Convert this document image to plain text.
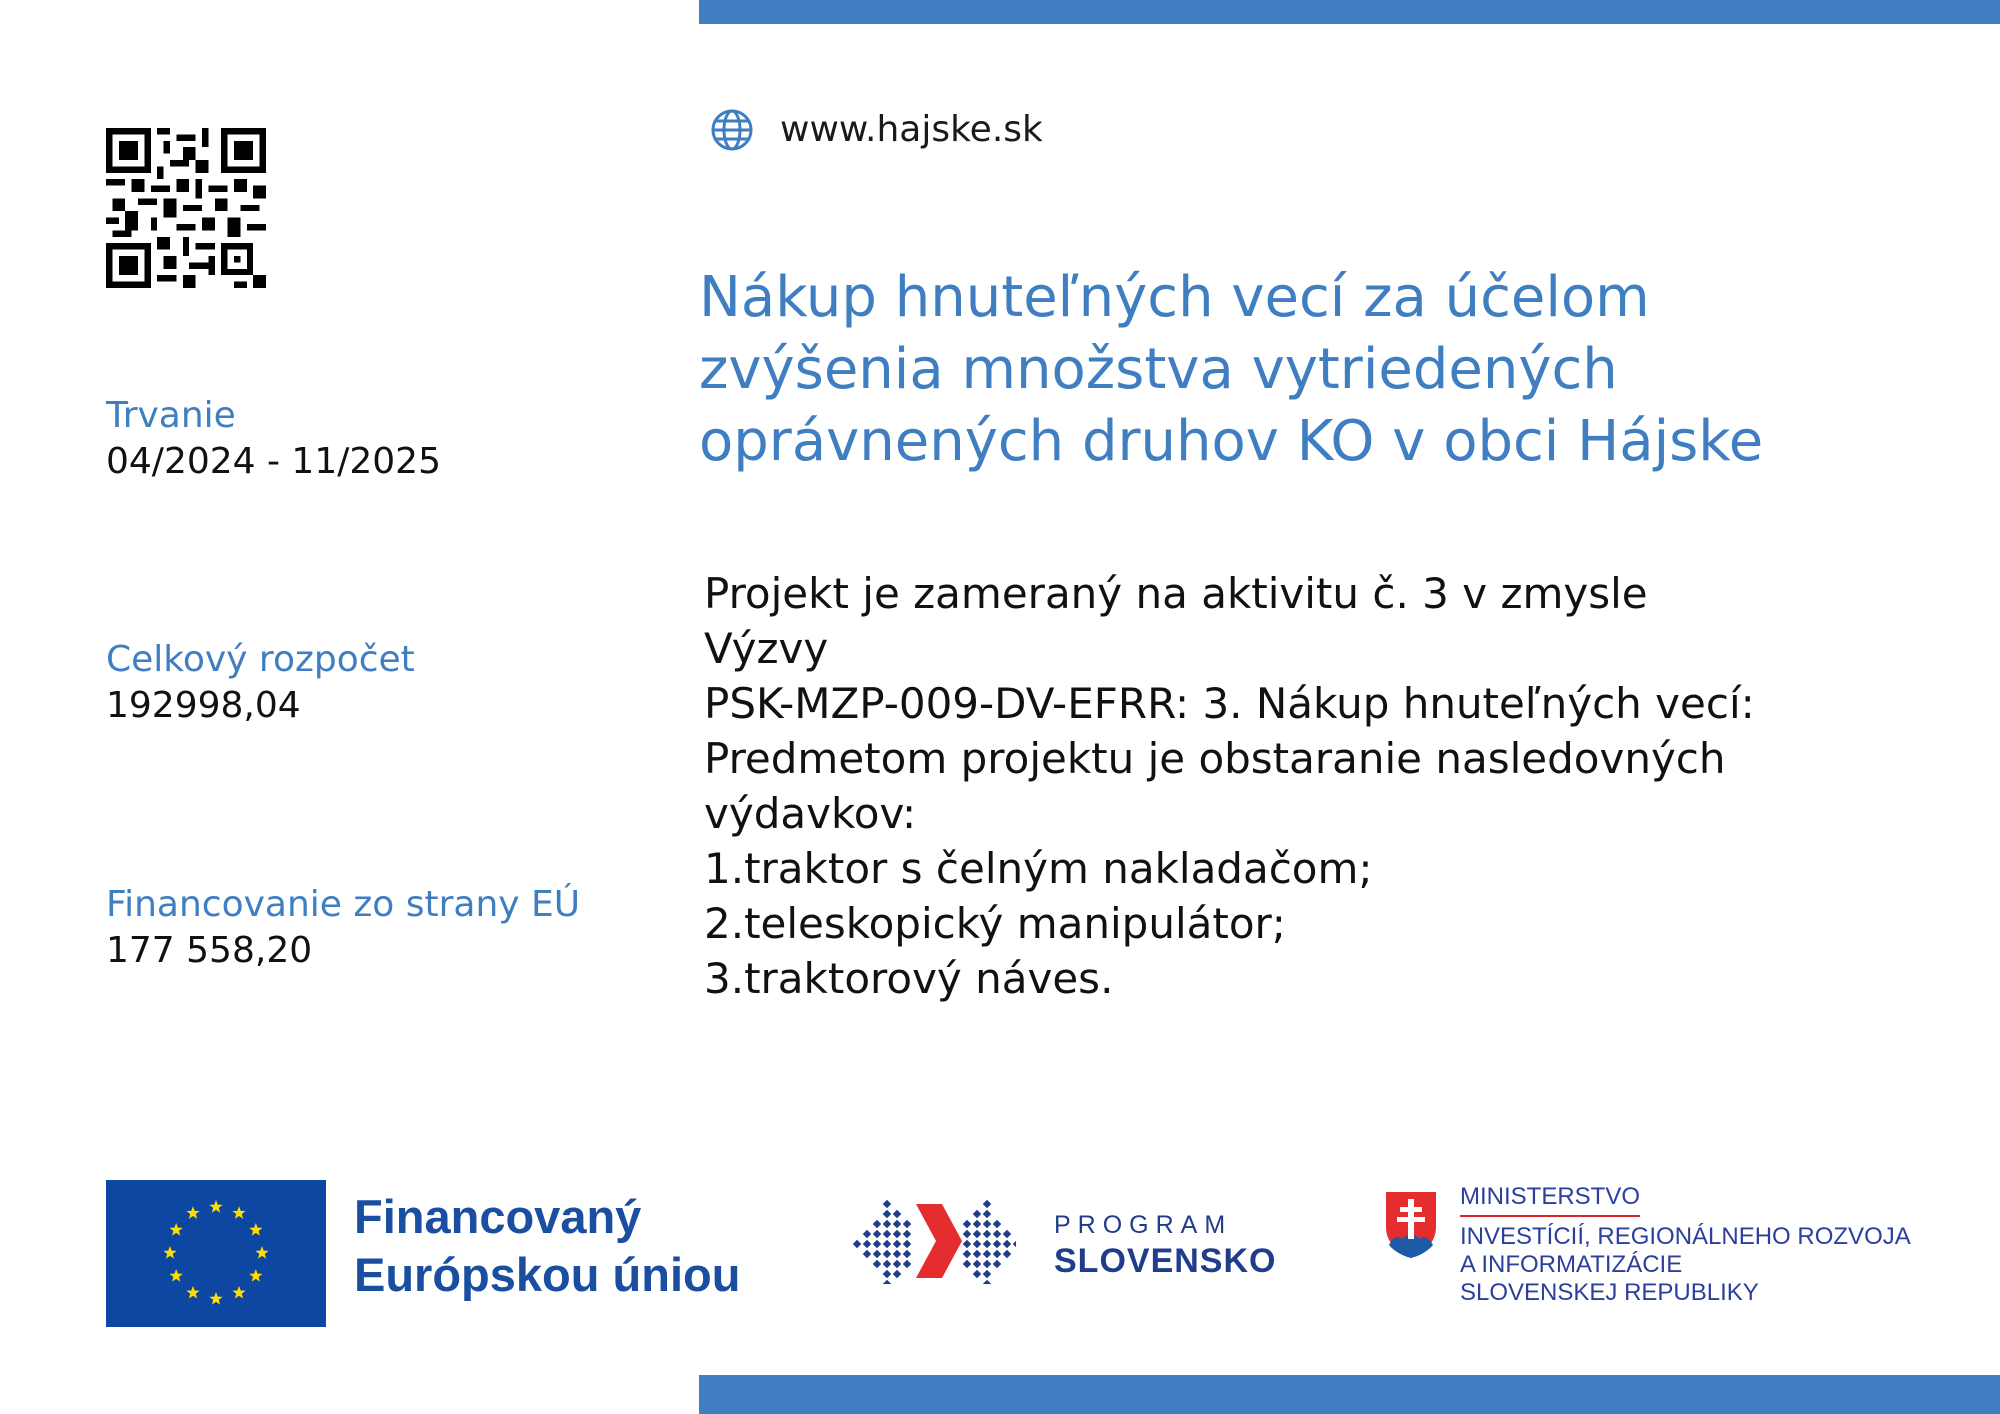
www.hajske.sk
Nákup hnuteľných vecí za účelom
zvýšenia množstva vytriedených
oprávnených druhov KO v obci Hájske
Trvanie
04/2024 - 11/2025
Celkový rozpočet
192998,04
Financovanie zo strany EÚ
177 558,20
Projekt je zameraný na aktivitu č. 3 v zmysle
Výzvy
PSK-MZP-009-DV-EFRR: 3. Nákup hnuteľných vecí:
Predmetom projektu je obstaranie nasledovných
výdavkov:
1.traktor s čelným nakladačom;
2.teleskopický manipulátor;
3.traktorový náves.
Financovaný
Európskou úniou
PROGRAM
SLOVENSKO
MINISTERSTVO
INVESTÍCIÍ, REGIONÁLNEHO ROZVOJA
A INFORMATIZÁCIE
SLOVENSKEJ REPUBLIKY
